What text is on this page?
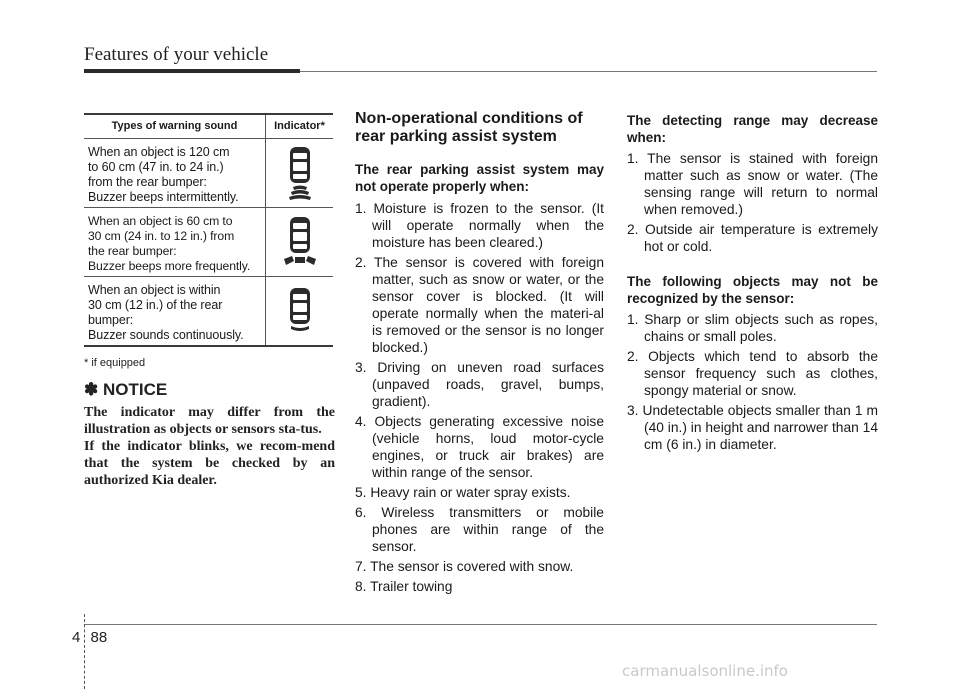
Features of your vehicle
Types of warning sound	Indicator*
When an object is 120 cm
to 60 cm (47 in. to 24 in.)
from the rear bumper:
Buzzer beeps intermittently.
When an object is 60 cm to
30 cm (24 in. to 12 in.) from
the rear bumper:
Buzzer beeps more frequently.
When an object is within
30 cm (12 in.) of the rear
bumper:
Buzzer sounds continuously.
* if equipped
✽ NOTICE

The indicator may differ from the illustration as objects or sensors sta-tus.

If the indicator blinks, we recom-mend that the system be checked by an authorized Kia dealer.

Non-operational conditions of rear parking assist system
The rear parking assist system may not operate properly when:
1. Moisture is frozen to the sensor. (It will operate normally when the moisture has been cleared.)
2. The sensor is covered with foreign matter, such as snow or water, or the sensor cover is blocked. (It will operate normally when the materi-al is removed or the sensor is no longer blocked.)
3. Driving on uneven road surfaces (unpaved roads, gravel, bumps, gradient).
4. Objects generating excessive noise (vehicle horns, loud motor-cycle engines, or truck air brakes) are within range of the sensor.
5. Heavy rain or water spray exists.
6. Wireless transmitters or mobile phones are within range of the sensor.
7. The sensor is covered with snow.
8. Trailer towing
The detecting range may decrease when:
1. The sensor is stained with foreign matter such as snow or water. (The sensing range will return to normal when removed.)
2. Outside air temperature is extremely hot or cold.
The following objects may not be recognized by the sensor:
1. Sharp or slim objects such as ropes, chains or small poles.
2. Objects which tend to absorb the sensor frequency such as clothes, spongy material or snow.
3. Undetectable objects smaller than 1 m (40 in.) in height and narrower than 14 cm (6 in.) in diameter.
4 88
carmanualsonline.info
